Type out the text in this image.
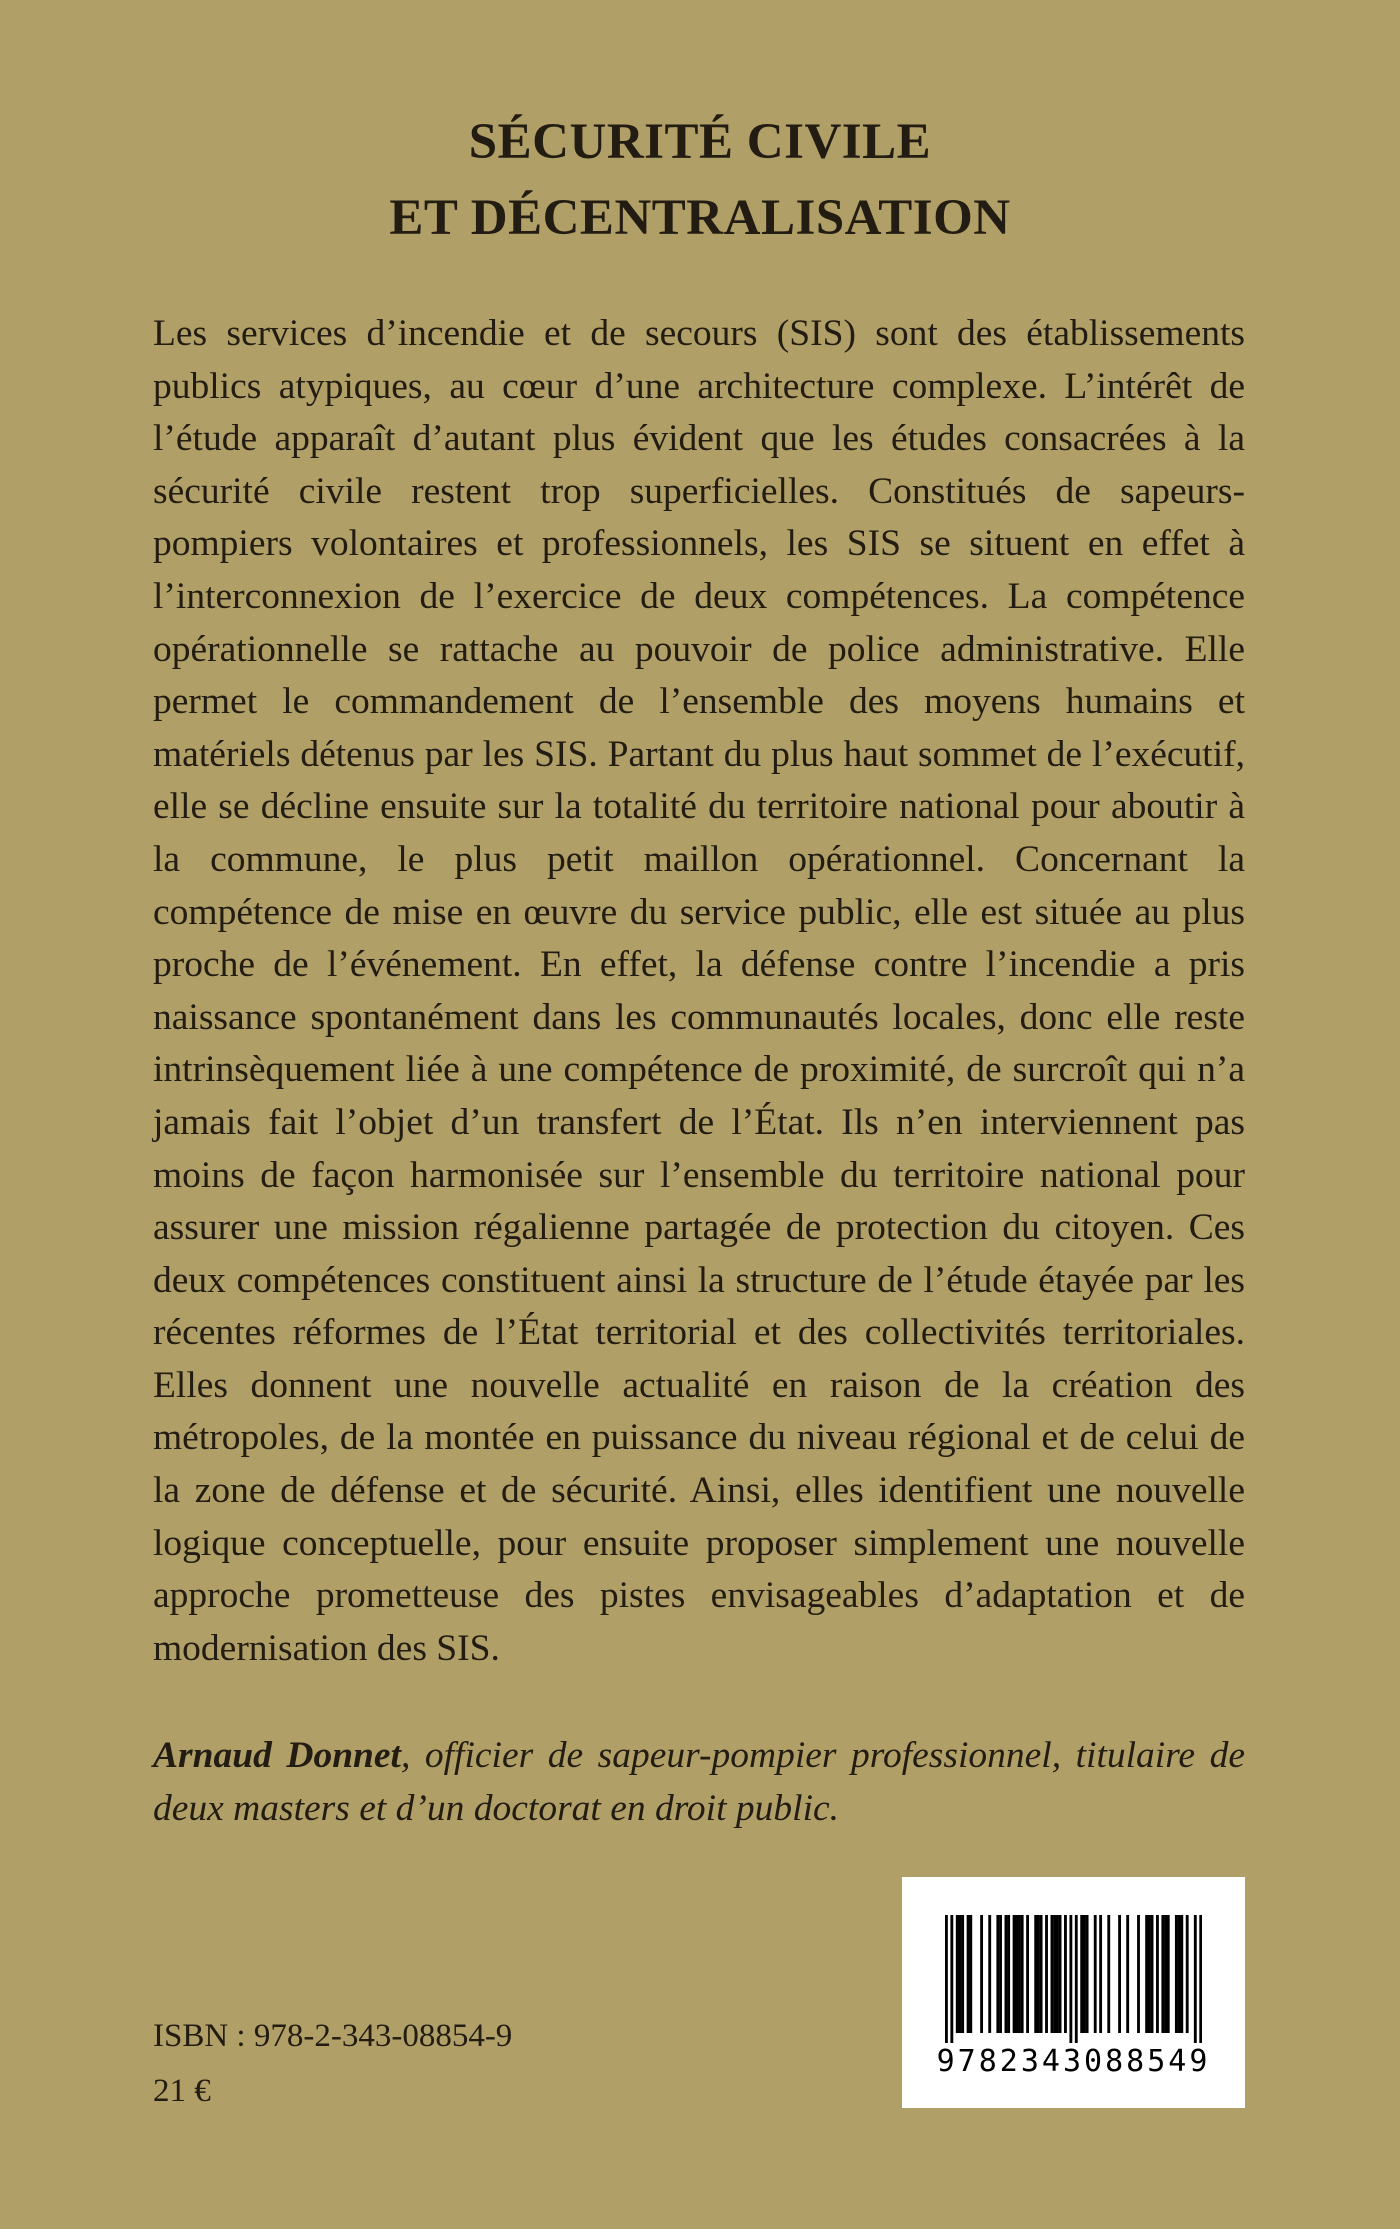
SÉCURITÉ CIVILE
ET DÉCENTRALISATION

Les services d’incendie et de secours (SIS) sont des établissements publics atypiques, au cœur d’une architecture complexe. L’intérêt de l’étude apparaît d’autant plus évident que les études consacrées à la sécurité civile restent trop superficielles. Constitués de sapeurs-pompiers volontaires et professionnels, les SIS se situent en effet à l’interconnexion de l’exercice de deux compétences. La compétence opérationnelle se rattache au pouvoir de police administrative. Elle permet le commandement de l’ensemble des moyens humains et matériels détenus par les SIS. Partant du plus haut sommet de l’exécutif, elle se décline ensuite sur la totalité du territoire national pour aboutir à la commune, le plus petit maillon opérationnel. Concernant la compétence de mise en œuvre du service public, elle est située au plus proche de l’événement. En effet, la défense contre l’incendie a pris naissance spontanément dans les communautés locales, donc elle reste intrinsèquement liée à une compétence de proximité, de surcroît qui n’a jamais fait l’objet d’un transfert de l’État. Ils n’en interviennent pas moins de façon harmonisée sur l’ensemble du territoire national pour assurer une mission régalienne partagée de protection du citoyen. Ces deux compétences constituent ainsi la structure de l’étude étayée par les récentes réformes de l’État territorial et des collectivités territoriales. Elles donnent une nouvelle actualité en raison de la création des métropoles, de la montée en puissance du niveau régional et de celui de la zone de défense et de sécurité. Ainsi, elles identifient une nouvelle logique conceptuelle, pour ensuite proposer simplement une nouvelle approche prometteuse des pistes envisageables d’adaptation et de modernisation des SIS.

Arnaud Donnet, officier de sapeur-pompier professionnel, titulaire de deux masters et d’un doctorat en droit public.

9782343088549

ISBN : 978-2-343-08854-9

21 €
